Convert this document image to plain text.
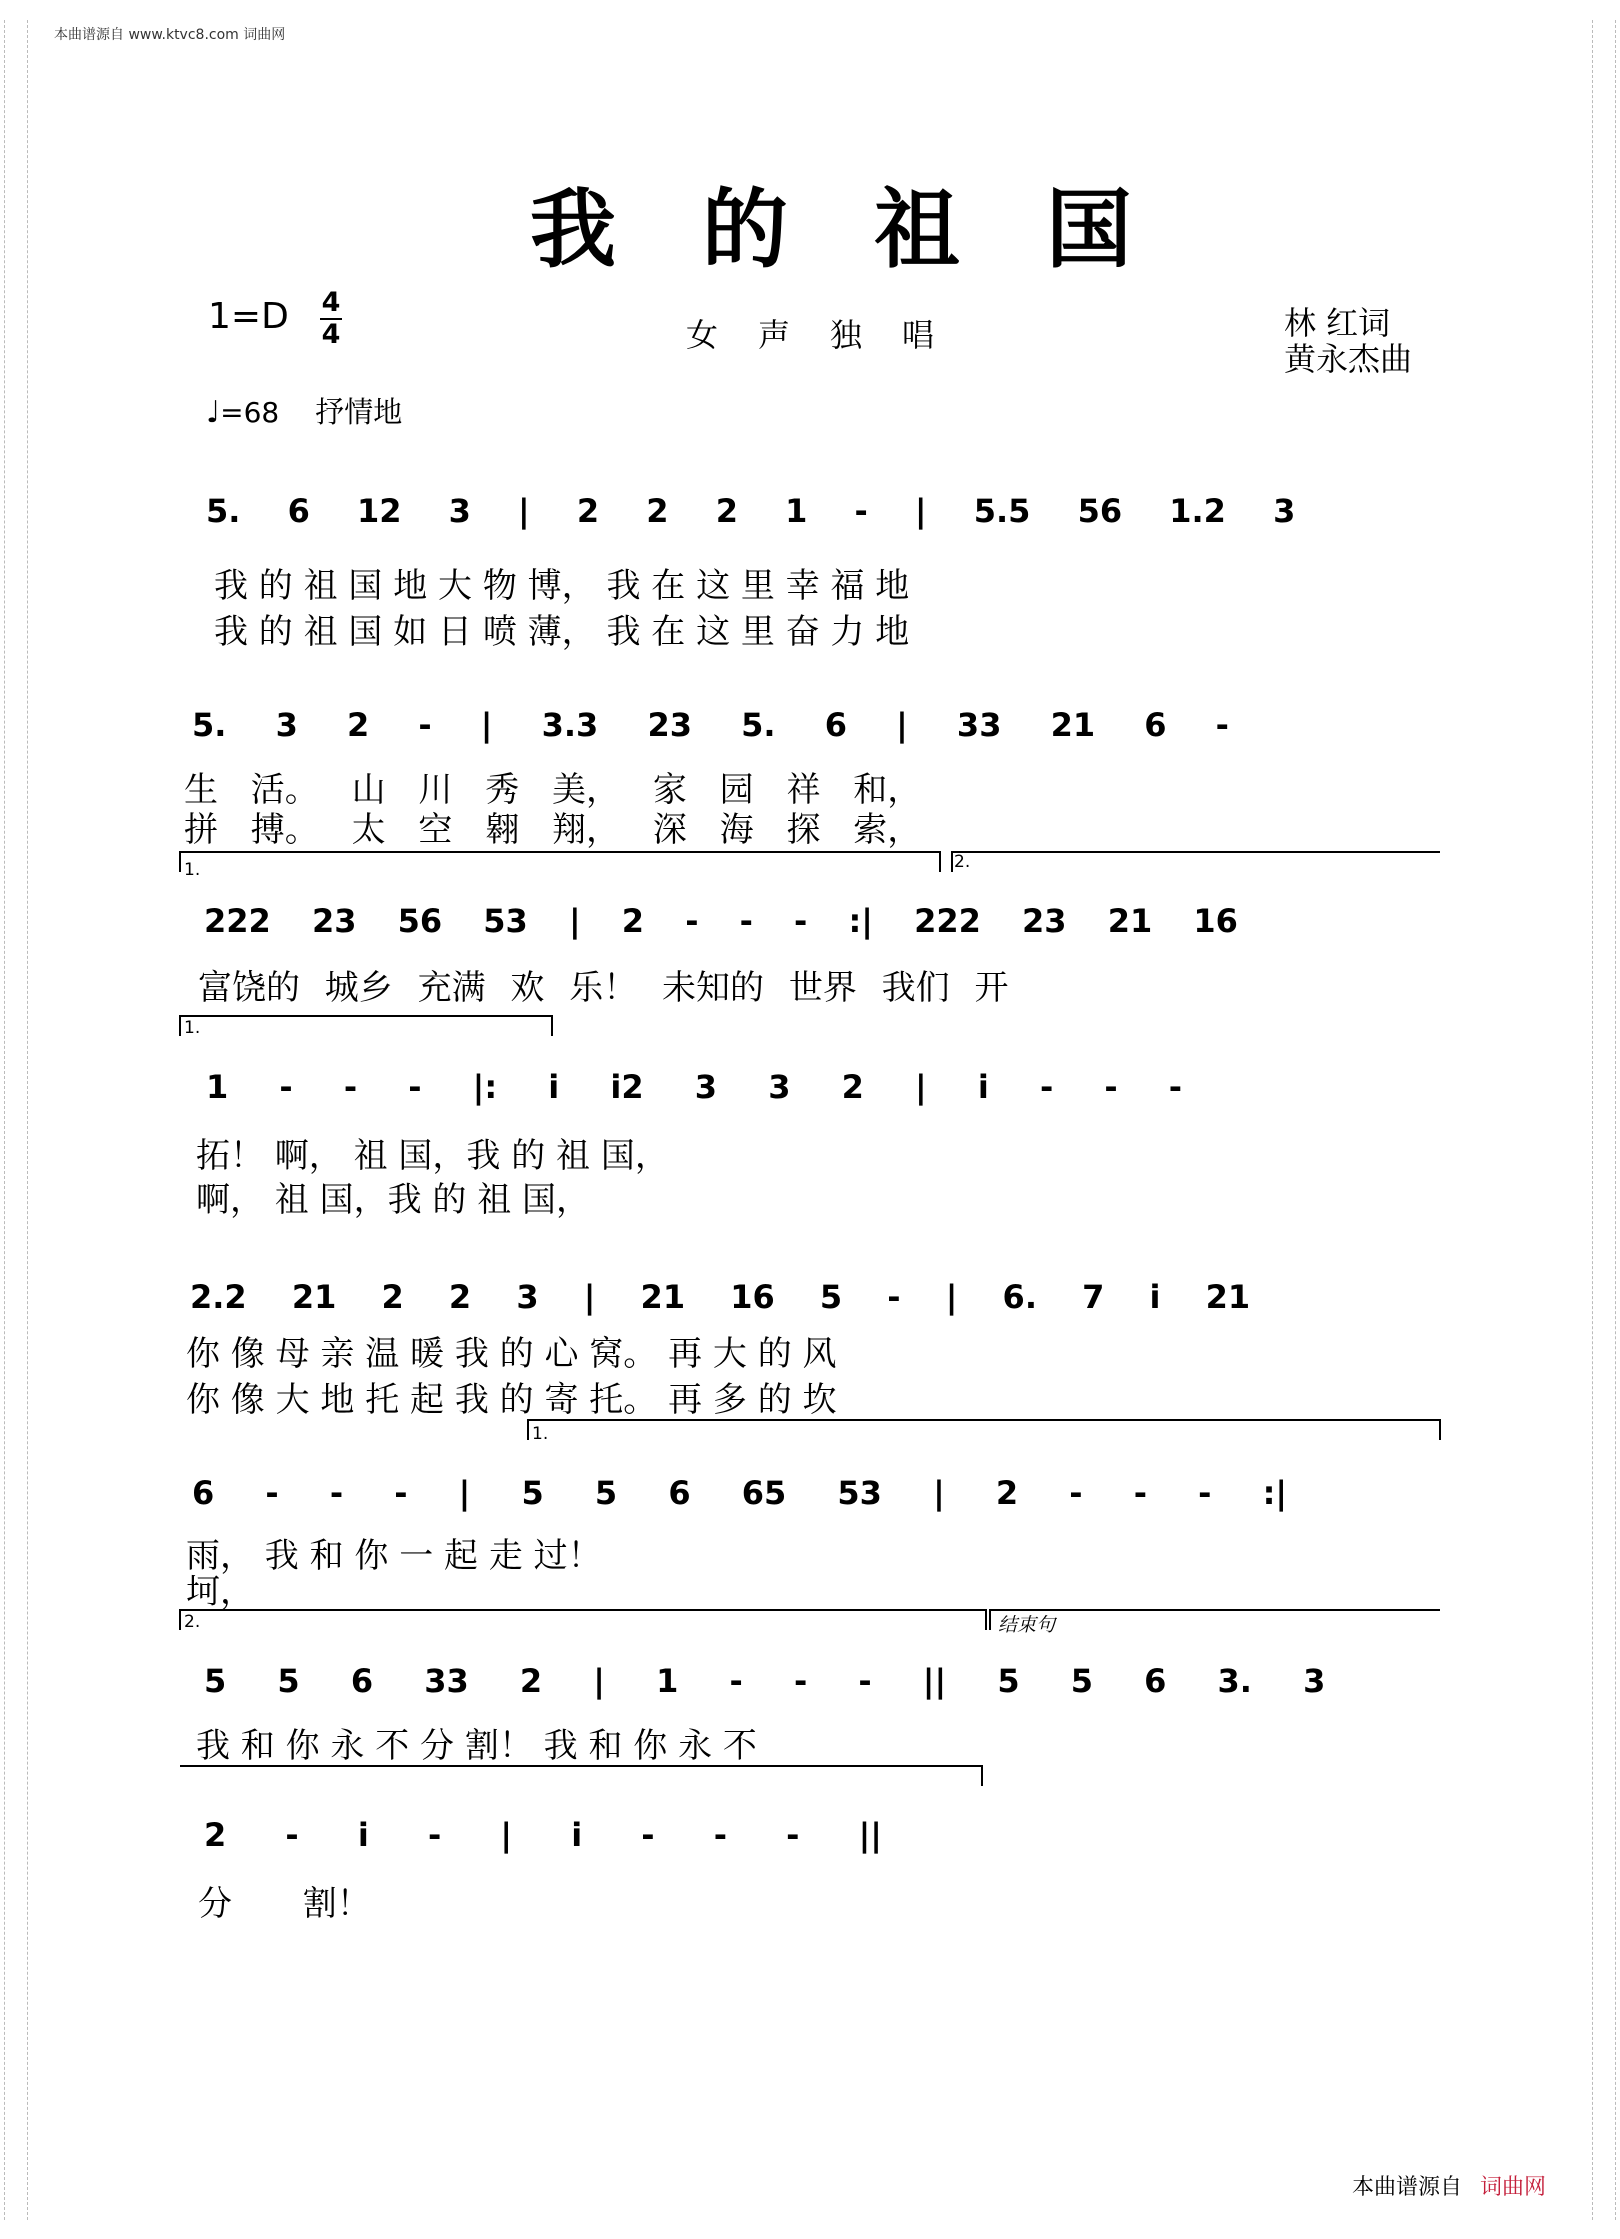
本曲谱源自 www.ktvc8.com 词曲网
我的祖国
1=D 4
4	女声独唱	林 红词
黄永杰曲
♩=68 抒情地
5. 6 12 3 | 2 2 2 1 - | 5.5 56 1.2 3
我 的 祖 国 地 大 物 博， 我 在 这 里 幸 福 地
我 的 祖 国 如 日 喷 薄， 我 在 这 里 奋 力 地
5. 3 2 - | 3.3 23 5. 6 | 33 21 6 -
生 活。 山 川 秀 美， 家 园 祥 和，
拼 搏。 太 空 翱 翔， 深 海 探 索，
1.	2.
222 23 56 53 | 2 - - - :| 222 23 21 16
富饶的 城乡 充满 欢 乐！ 未知的 世界 我们 开
1.
1 - - - |: i i2 3 3 2 | i - - -
拓！ 啊， 祖 国，我 的 祖 国，
啊， 祖 国，我 的 祖 国，
2.2 21 2 2 3 | 21 16 5 - | 6. 7 i 21
你 像 母 亲 温 暖 我 的 心 窝。 再 大 的 风
你 像 大 地 托 起 我 的 寄 托。 再 多 的 坎
1.
6 - - - | 5 5 6 65 53 | 2 - - - :|
雨， 我 和 你 一 起 走 过！
坷，
2.	结束句
5 5 6 33 2 | 1 - - - || 5 5 6 3. 3
我 和 你 永 不 分 割！ 我 和 你 永 不
2 - i - | i - - - ||
分 割！
本曲谱源自 词曲网
